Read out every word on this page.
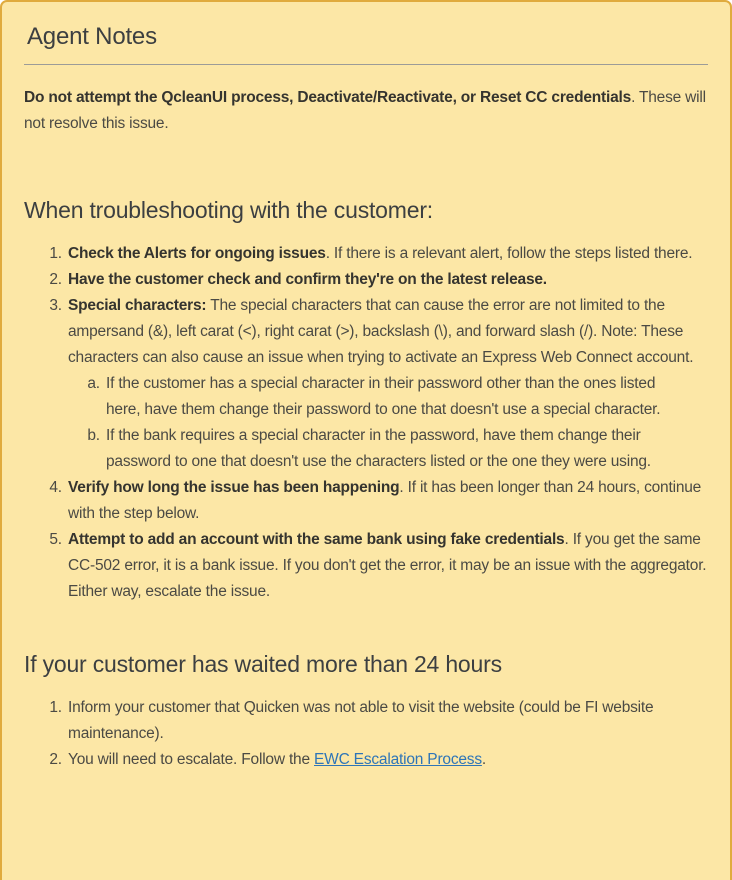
Agent Notes

Do not attempt the QcleanUI process, Deactivate/Reactivate, or Reset CC credentials. These will not resolve this issue.

When troubleshooting with the customer:
1. Check the Alerts for ongoing issues. If there is a relevant alert, follow the steps listed there.
2. Have the customer check and confirm they're on the latest release.
3. Special characters: The special characters that can cause the error are not limited to the ampersand (&), left carat (<), right carat (>), backslash (\), and forward slash (/). Note: These characters can also cause an issue when trying to activate an Express Web Connect account.
a. If the customer has a special character in their password other than the ones listed here, have them change their password to one that doesn't use a special character.
b. If the bank requires a special character in the password, have them change their password to one that doesn't use the characters listed or the one they were using.
4. Verify how long the issue has been happening. If it has been longer than 24 hours, continue with the step below.
5. Attempt to add an account with the same bank using fake credentials. If you get the same CC-502 error, it is a bank issue. If you don't get the error, it may be an issue with the aggregator. Either way, escalate the issue.
If your customer has waited more than 24 hours
1. Inform your customer that Quicken was not able to visit the website (could be FI website maintenance).
2. You will need to escalate. Follow the EWC Escalation Process.
